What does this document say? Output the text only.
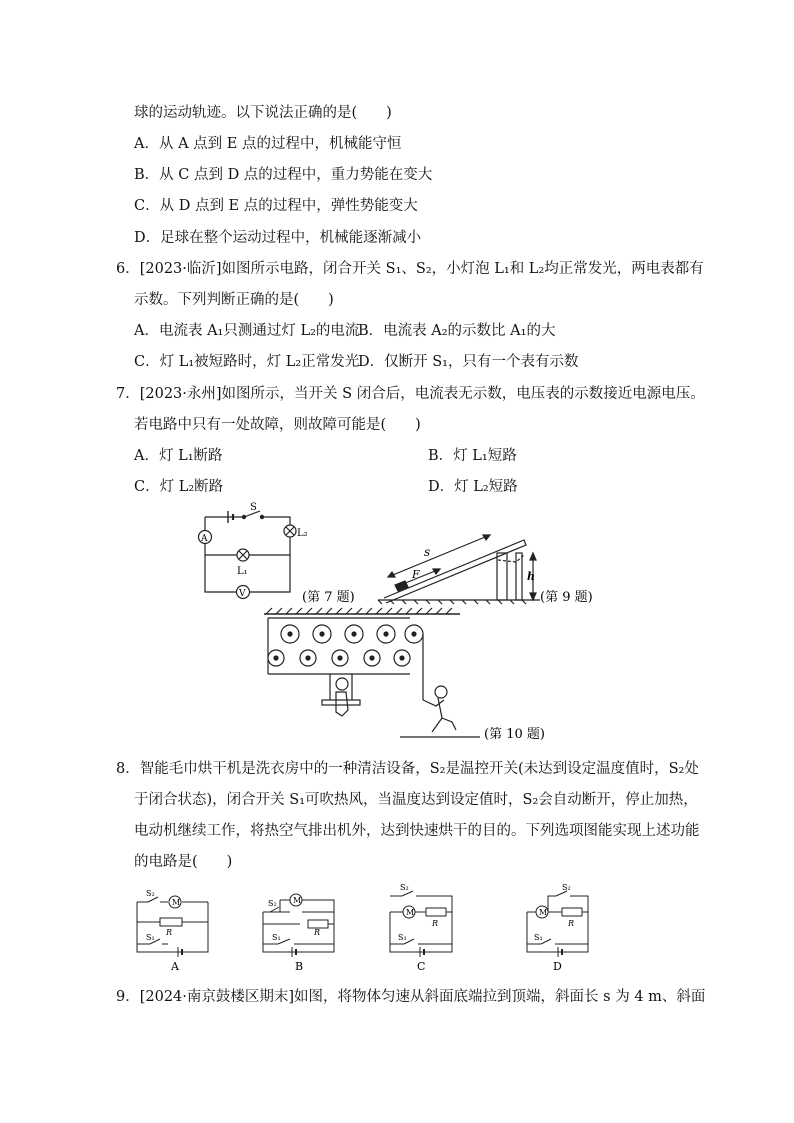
球的运动轨迹。以下说法正确的是(　　)
A．从 A 点到 E 点的过程中，机械能守恒
B．从 C 点到 D 点的过程中，重力势能在变大
C．从 D 点到 E 点的过程中，弹性势能变大
D．足球在整个运动过程中，机械能逐渐减小
6．[2023·临沂]如图所示电路，闭合开关 S₁、S₂，小灯泡 L₁和 L₂均正常发光，两电表都有
示数。下列判断正确的是(　　)
A．电流表 A₁只测通过灯 L₂的电流
B．电流表 A₂的示数比 A₁的大
C．灯 L₁被短路时，灯 L₂正常发光
D．仅断开 S₁，只有一个表有示数
7．[2023·永州]如图所示，当开关 S 闭合后，电流表无示数，电压表的示数接近电源电压。
若电路中只有一处故障，则故障可能是(　　)
A．灯 L₁断路	B．灯 L₁短路
C．灯 L₂断路	D．灯 L₂短路
S
L₂
L₁
A
V	(第 7 题)
s
F	h
(第 9 题)
(第 10 题)
8．智能毛巾烘干机是洗衣房中的一种清洁设备，S₂是温控开关(未达到设定温度值时，S₂处
于闭合状态)，闭合开关 S₁可吹热风，当温度达到设定值时，S₂会自动断开，停止加热，
电动机继续工作，将热空气排出机外，达到快速烘干的目的。下列选项图能实现上述功能
的电路是(　　)
S₂
M
R
S₁
M
S₂
R
S₁
S₂
M
R
S₁
S₂
M
R
S₁
A	B	C	D
9．[2024·南京鼓楼区期末]如图，将物体匀速从斜面底端拉到顶端，斜面长 s 为 4 m、斜面
